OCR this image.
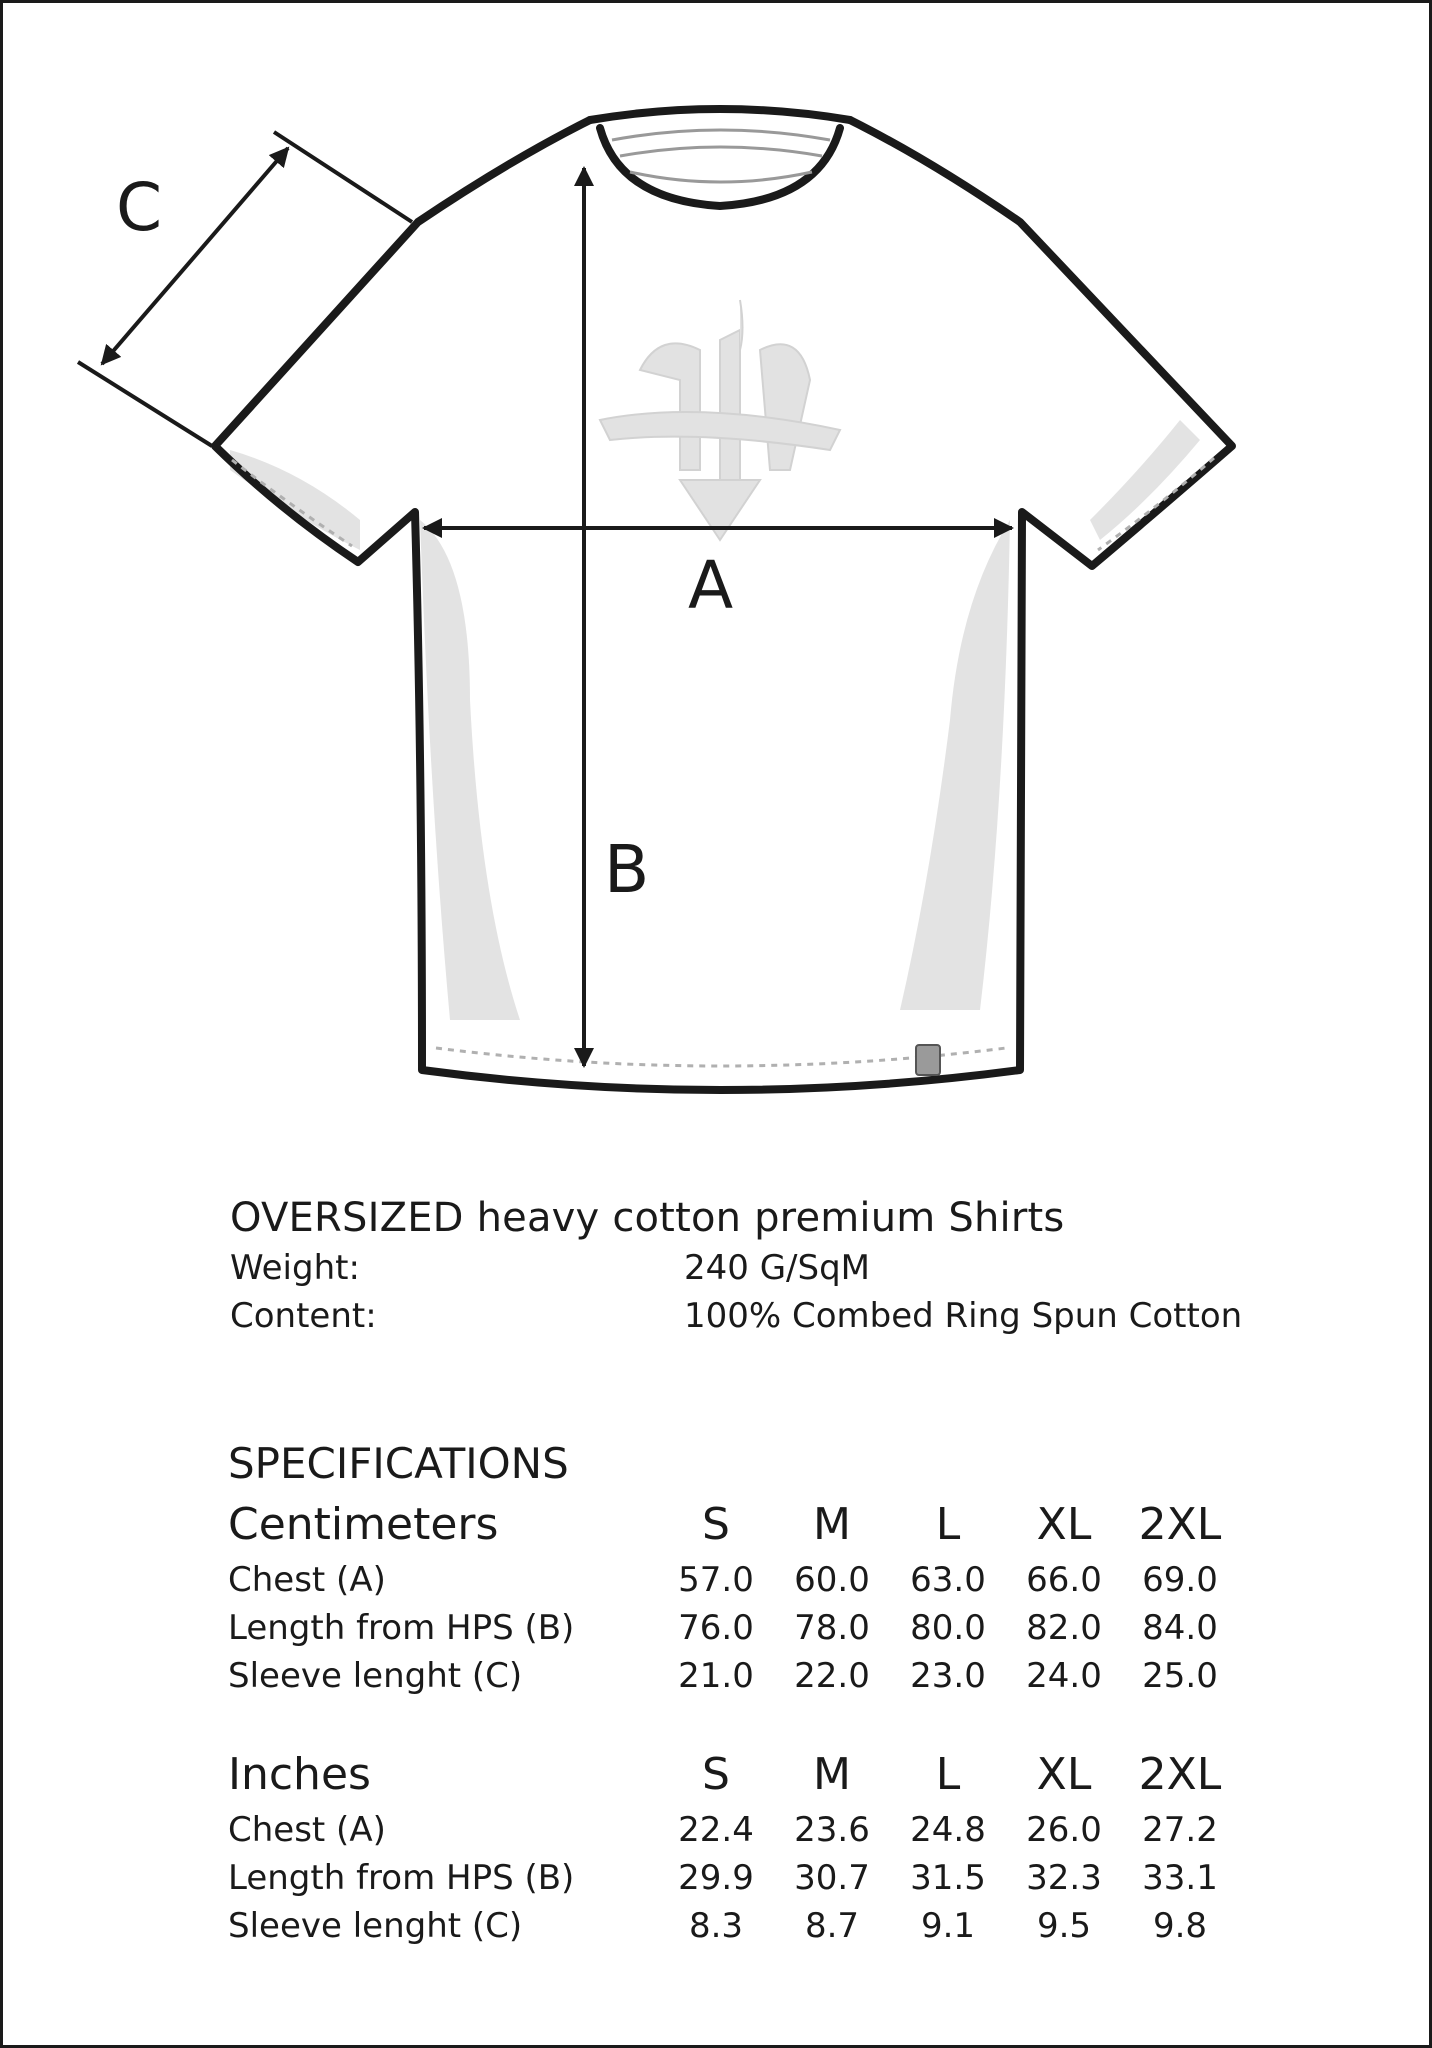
A
B
C
OVERSIZED heavy cotton premium Shirts
Weight:	240 G/SqM
Content:	100% Combed Ring Spun Cotton
SPECIFICATIONS
Centimeters	S	M	L	XL	2XL
Chest (A)	57.0	60.0	63.0	66.0	69.0
Length from HPS (B)	76.0	78.0	80.0	82.0	84.0
Sleeve lenght (C)	21.0	22.0	23.0	24.0	25.0
Inches	S	M	L	XL	2XL
Chest (A)	22.4	23.6	24.8	26.0	27.2
Length from HPS (B)	29.9	30.7	31.5	32.3	33.1
Sleeve lenght (C)	8.3	8.7	9.1	9.5	9.8
